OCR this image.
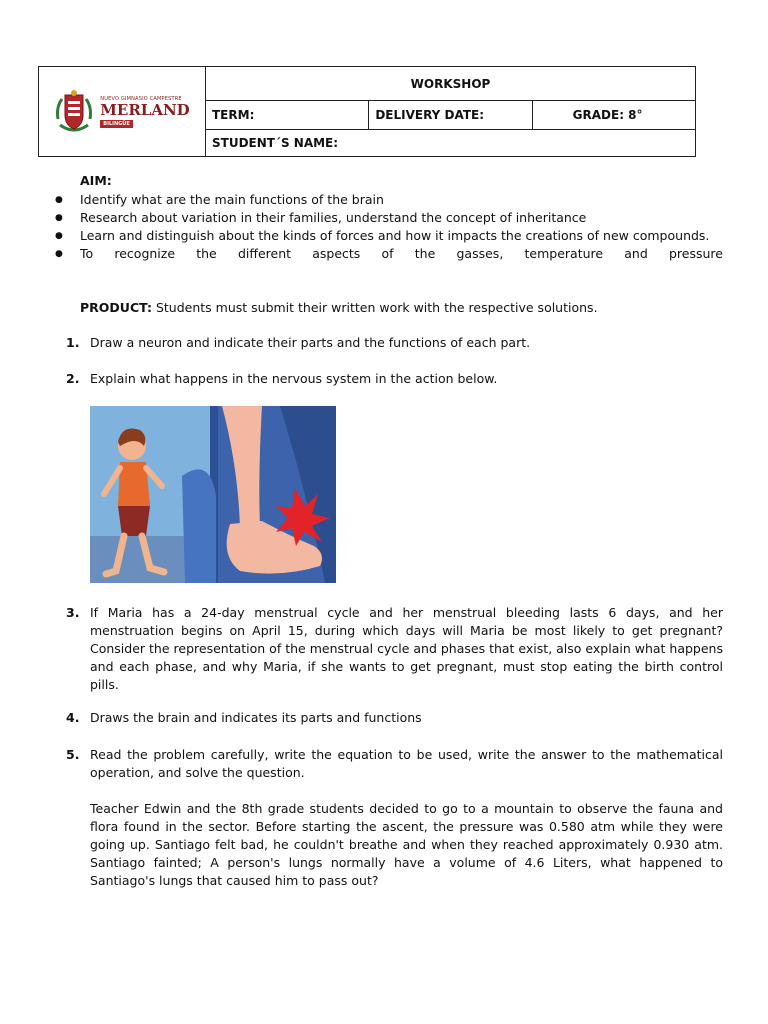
NUEVO GIMNASIO CAMPESTRE
MERLAND
BILINGÜE	WORKSHOP		
	TERM:	DELIVERY DATE:	GRADE: 8°
	STUDENT´S NAME:		
AIM:
● Identify what are the main functions of the brain
● Research about variation in their families, understand the concept of inheritance
● Learn and distinguish about the kinds of forces and how it impacts the creations of new compounds.
● To recognize the different aspects of the gasses, temperature and pressure
PRODUCT: Students must submit their written work with the respective solutions.
1. Draw a neuron and indicate their parts and the functions of each part.
2. Explain what happens in the nervous system in the action below.
3. If Maria has a 24-day menstrual cycle and her menstrual bleeding lasts 6 days, and her menstruation begins on April 15, during which days will Maria be most likely to get pregnant? Consider the representation of the menstrual cycle and phases that exist, also explain what happens and each phase, and why Maria, if she wants to get pregnant, must stop eating the birth control pills.
4. Draws the brain and indicates its parts and functions
5. Read the problem carefully, write the equation to be used, write the answer to the mathematical operation, and solve the question.
Teacher Edwin and the 8th grade students decided to go to a mountain to observe the fauna and flora found in the sector. Before starting the ascent, the pressure was 0.580 atm while they were going up. Santiago felt bad, he couldn't breathe and when they reached approximately 0.930 atm. Santiago fainted; A person's lungs normally have a volume of 4.6 Liters, what happened to Santiago's lungs that caused him to pass out?
